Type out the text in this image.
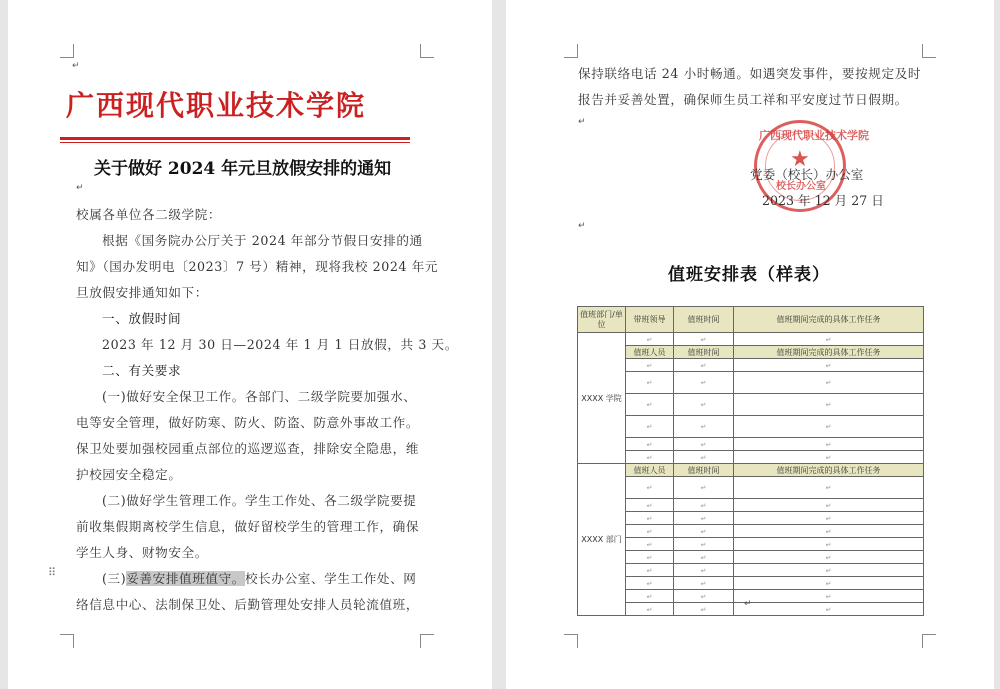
↵
广西现代职业技术学院
关于做好 2024 年元旦放假安排的通知
↵
校属各单位各二级学院：
根据《国务院办公厅关于 2024 年部分节假日安排的通
知》（国办发明电〔2023〕7 号）精神，现将我校 2024 年元
旦放假安排通知如下：
一、放假时间
2023 年 12 月 30 日—2024 年 1 月 1 日放假，共 3 天。
二、有关要求
(一)做好安全保卫工作。各部门、二级学院要加强水、
电等安全管理，做好防寒、防火、防盗、防意外事故工作。
保卫处要加强校园重点部位的巡逻巡查，排除安全隐患，维
护校园安全稳定。
(二)做好学生管理工作。学生工作处、各二级学院要提
前收集假期离校学生信息，做好留校学生的管理工作，确保
学生人身、财物安全。
⠿	(三)妥善安排值班值守。校长办公室、学生工作处、网
络信息中心、法制保卫处、后勤管理处安排人员轮流值班，
保持联络电话 24 小时畅通。如遇突发事件，要按规定及时
报告并妥善处置，确保师生员工祥和平安度过节日假期。
↵
广西现代职业技术学院
★
校长办公室
党委（校长）办公室
2023 年 12 月 27 日
↵
值班安排表（样表）
值班部门/单位	带班领导	值班时间	值班期间完成的具体工作任务
XXXX 学院	↵	↵	↵
	值班人员	值班时间	值班期间完成的具体工作任务
	↵	↵	↵
	↵	↵	↵
	↵	↵	↵
	↵	↵	↵
	↵	↵	↵
	↵	↵	↵
XXXX 部门	值班人员	值班时间	值班期间完成的具体工作任务
	↵	↵	↵
	↵	↵	↵
	↵	↵	↵
	↵	↵	↵
	↵	↵	↵
	↵	↵	↵
	↵	↵	↵
	↵	↵	↵
	↵	↵	↵
	↵	↵	↵
↵
